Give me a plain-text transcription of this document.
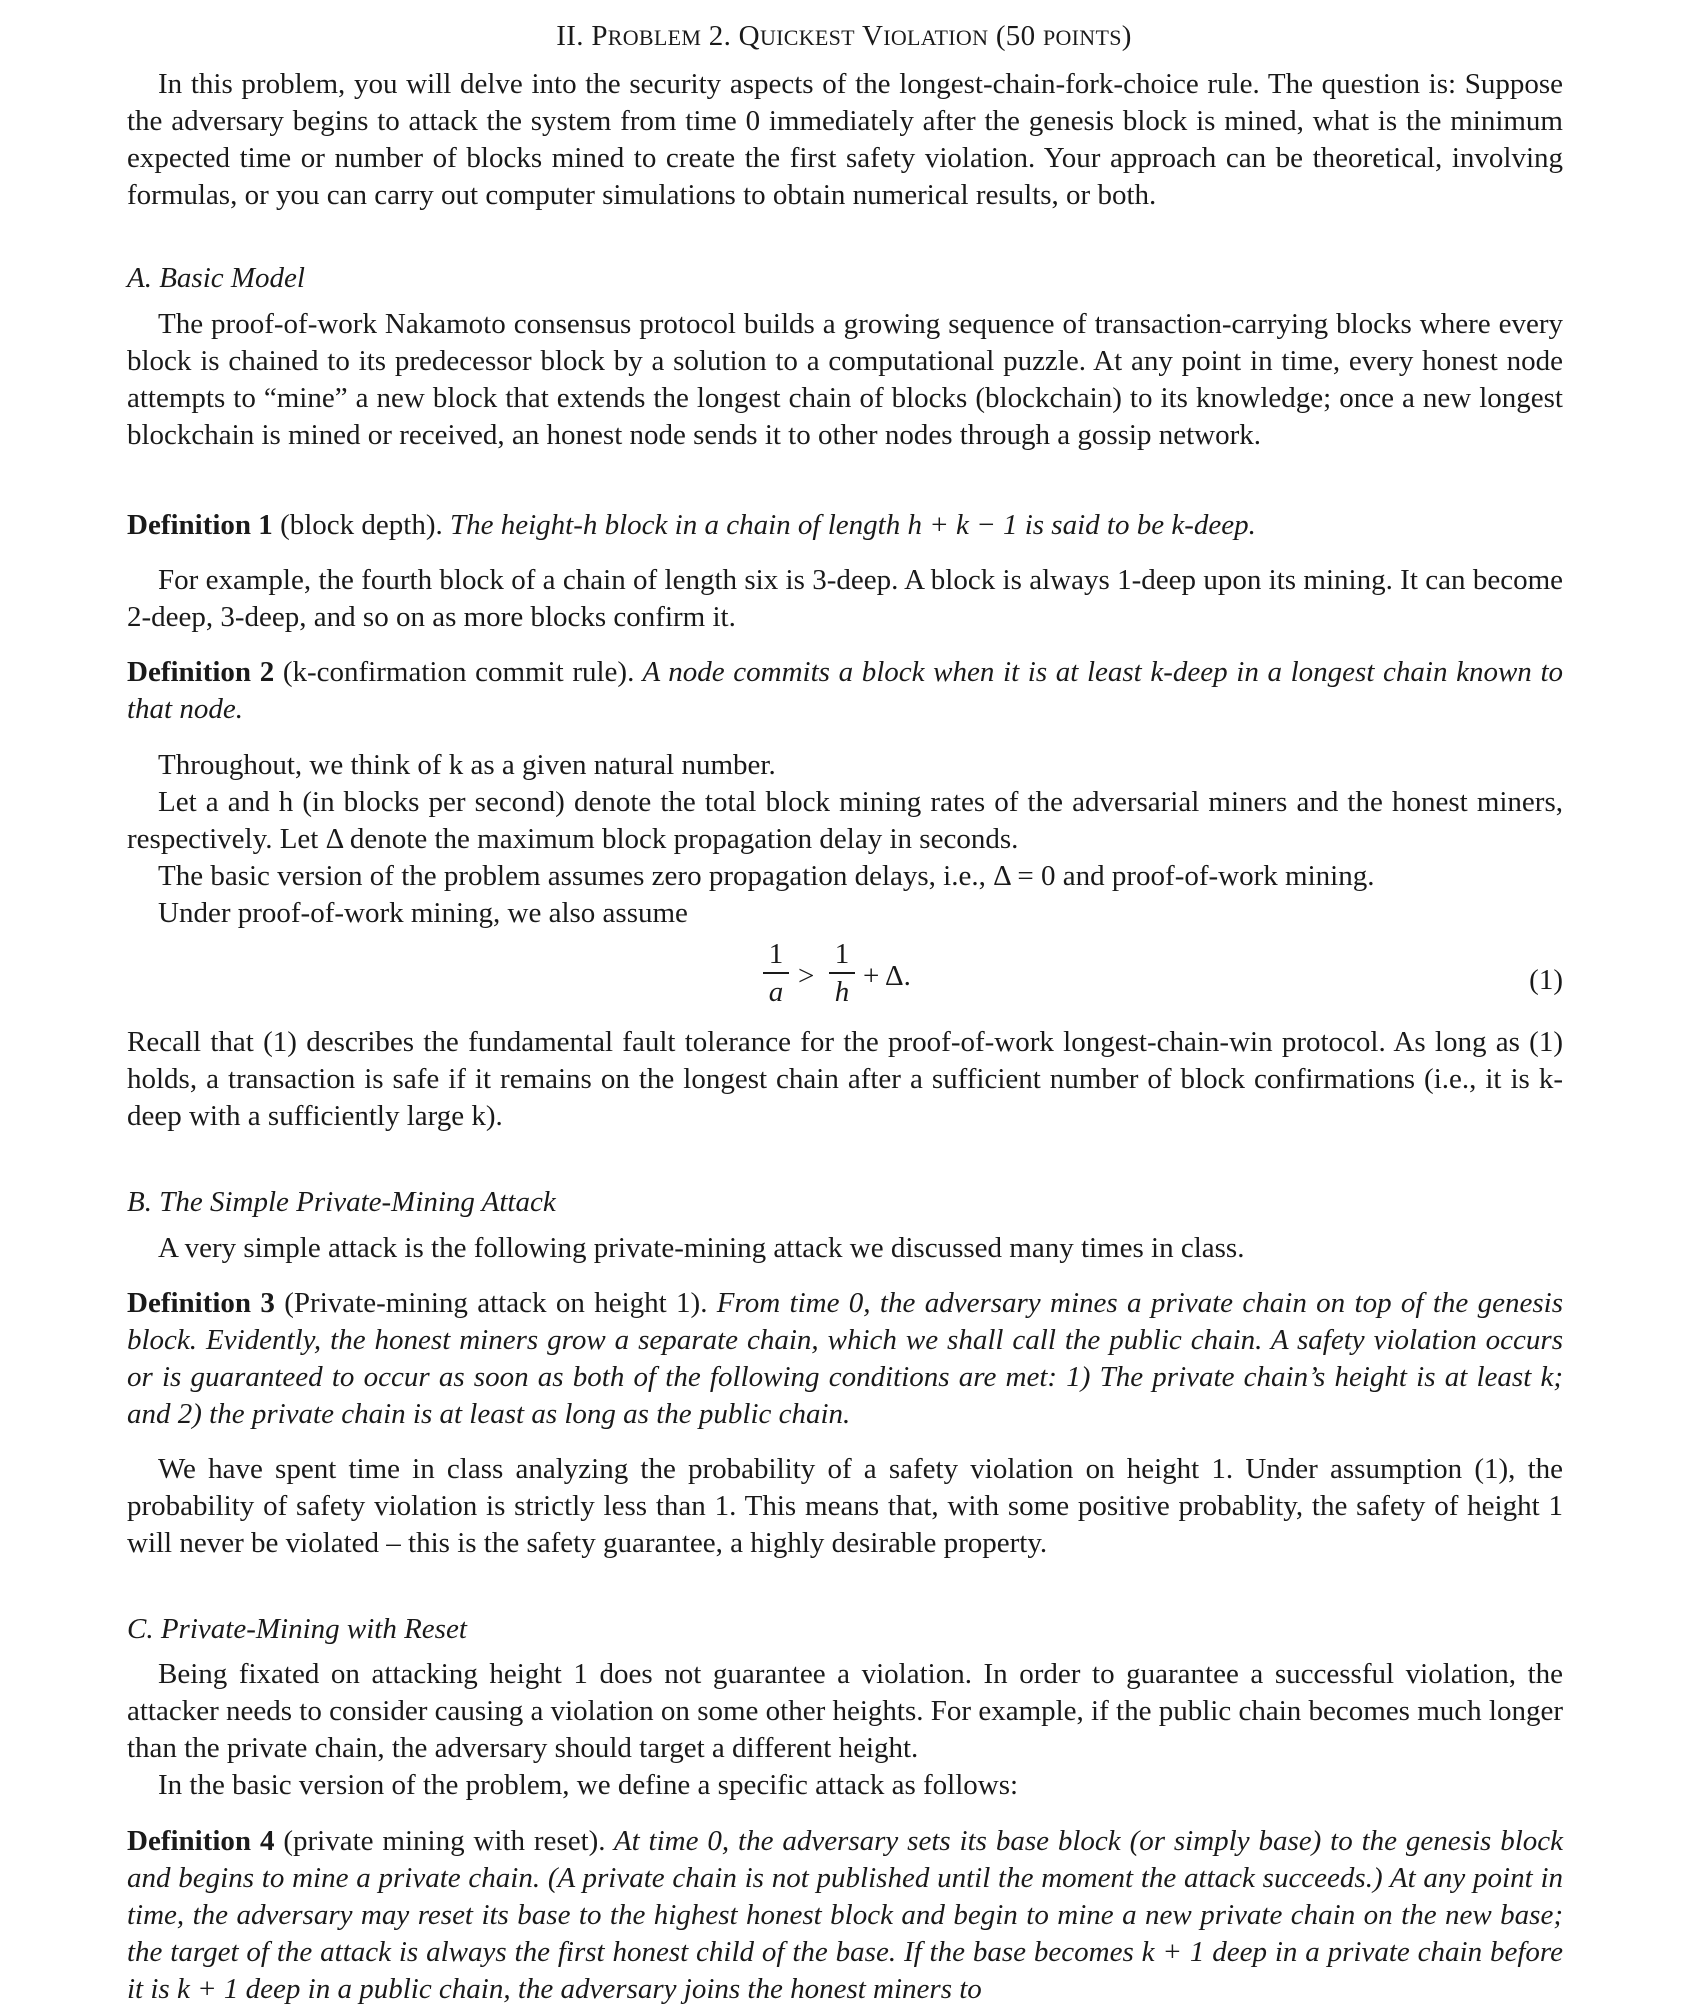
II. PROBLEM 2. QUICKEST VIOLATION (50 POINTS)

In this problem, you will delve into the security aspects of the longest-chain-fork-choice rule. The question is: Suppose the adversary begins to attack the system from time 0 immediately after the genesis block is mined, what is the minimum expected time or number of blocks mined to create the first safety violation. Your approach can be theoretical, involving formulas, or you can carry out computer simulations to obtain numerical results, or both.

A. Basic Model

The proof-of-work Nakamoto consensus protocol builds a growing sequence of transaction-carrying blocks where every block is chained to its predecessor block by a solution to a computational puzzle. At any point in time, every honest node attempts to “mine” a new block that extends the longest chain of blocks (blockchain) to its knowledge; once a new longest blockchain is mined or received, an honest node sends it to other nodes through a gossip network.

Definition 1 (block depth). The height-h block in a chain of length h + k − 1 is said to be k-deep.

For example, the fourth block of a chain of length six is 3-deep. A block is always 1-deep upon its mining. It can become 2-deep, 3-deep, and so on as more blocks confirm it.

Definition 2 (k-confirmation commit rule). A node commits a block when it is at least k-deep in a longest chain known to that node.

Throughout, we think of k as a given natural number.

Let a and h (in blocks per second) denote the total block mining rates of the adversarial miners and the honest miners, respectively. Let Δ denote the maximum block propagation delay in seconds.

The basic version of the problem assumes zero propagation delays, i.e., Δ = 0 and proof-of-work mining.

Under proof-of-work mining, we also assume

1
a >
1
h + Δ.	(1)

Recall that (1) describes the fundamental fault tolerance for the proof-of-work longest-chain-win protocol. As long as (1) holds, a transaction is safe if it remains on the longest chain after a sufficient number of block confirmations (i.e., it is k-deep with a sufficiently large k).

B. The Simple Private-Mining Attack

A very simple attack is the following private-mining attack we discussed many times in class.

Definition 3 (Private-mining attack on height 1). From time 0, the adversary mines a private chain on top of the genesis block. Evidently, the honest miners grow a separate chain, which we shall call the public chain. A safety violation occurs or is guaranteed to occur as soon as both of the following conditions are met: 1) The private chain’s height is at least k; and 2) the private chain is at least as long as the public chain.

We have spent time in class analyzing the probability of a safety violation on height 1. Under assumption (1), the probability of safety violation is strictly less than 1. This means that, with some positive probablity, the safety of height 1 will never be violated – this is the safety guarantee, a highly desirable property.

C. Private-Mining with Reset

Being fixated on attacking height 1 does not guarantee a violation. In order to guarantee a successful violation, the attacker needs to consider causing a violation on some other heights. For example, if the public chain becomes much longer than the private chain, the adversary should target a different height.

In the basic version of the problem, we define a specific attack as follows:

Definition 4 (private mining with reset). At time 0, the adversary sets its base block (or simply base) to the genesis block and begins to mine a private chain. (A private chain is not published until the moment the attack succeeds.) At any point in time, the adversary may reset its base to the highest honest block and begin to mine a new private chain on the new base; the target of the attack is always the first honest child of the base. If the base becomes k + 1 deep in a private chain before it is k + 1 deep in a public chain, the adversary joins the honest miners to
